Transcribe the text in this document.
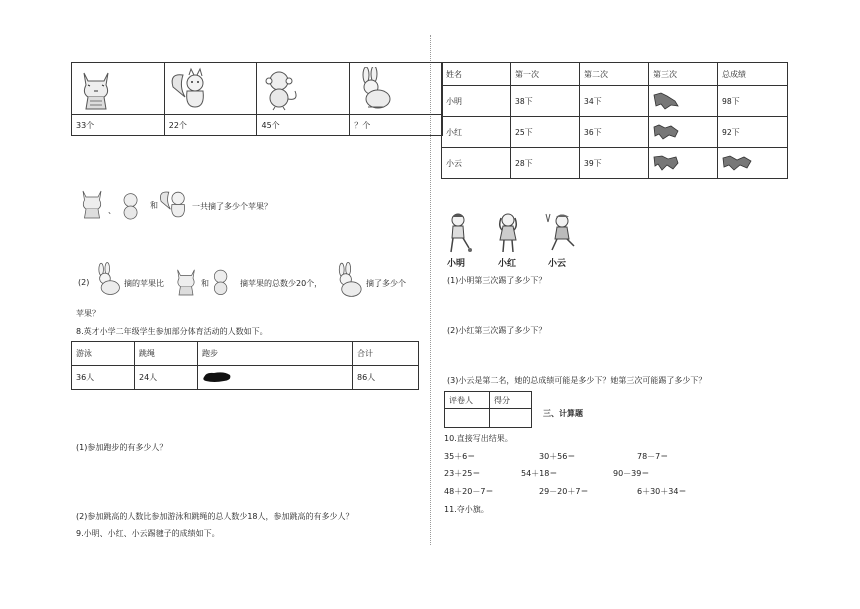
33个	22个	45个	？个
、
和	一共摘了多少个苹果？
(2)	摘的苹果比	和	摘苹果的总数少20个，	摘了多少个
苹果？
8.英才小学二年级学生参加部分体育活动的人数如下。
游泳	跳绳	跑步	合计
36人	24人		86人
(1)参加跑步的有多少人？
(2)参加跳高的人数比参加游泳和跳绳的总人数少18人，参加跳高的有多少人？
9.小明、小红、小云踢毽子的成绩如下。
姓名	第一次	第二次	第三次	总成绩
小明	38下	34下		98下
小红	25下	36下		92下
小云	28下	39下		
小明	小红	小云
(1)小明第三次踢了多少下？
(2)小红第三次踢了多少下？
(3)小云是第二名，她的总成绩可能是多少下？她第三次可能踢了多少下？
评卷人	得分

三、计算题
10.直接写出结果。
35＋6＝	30＋56＝	78－7＝
23＋25＝	54＋18＝	90－39＝
48＋20－7＝	29－20＋7＝	6＋30＋34＝
11.夺小旗。
